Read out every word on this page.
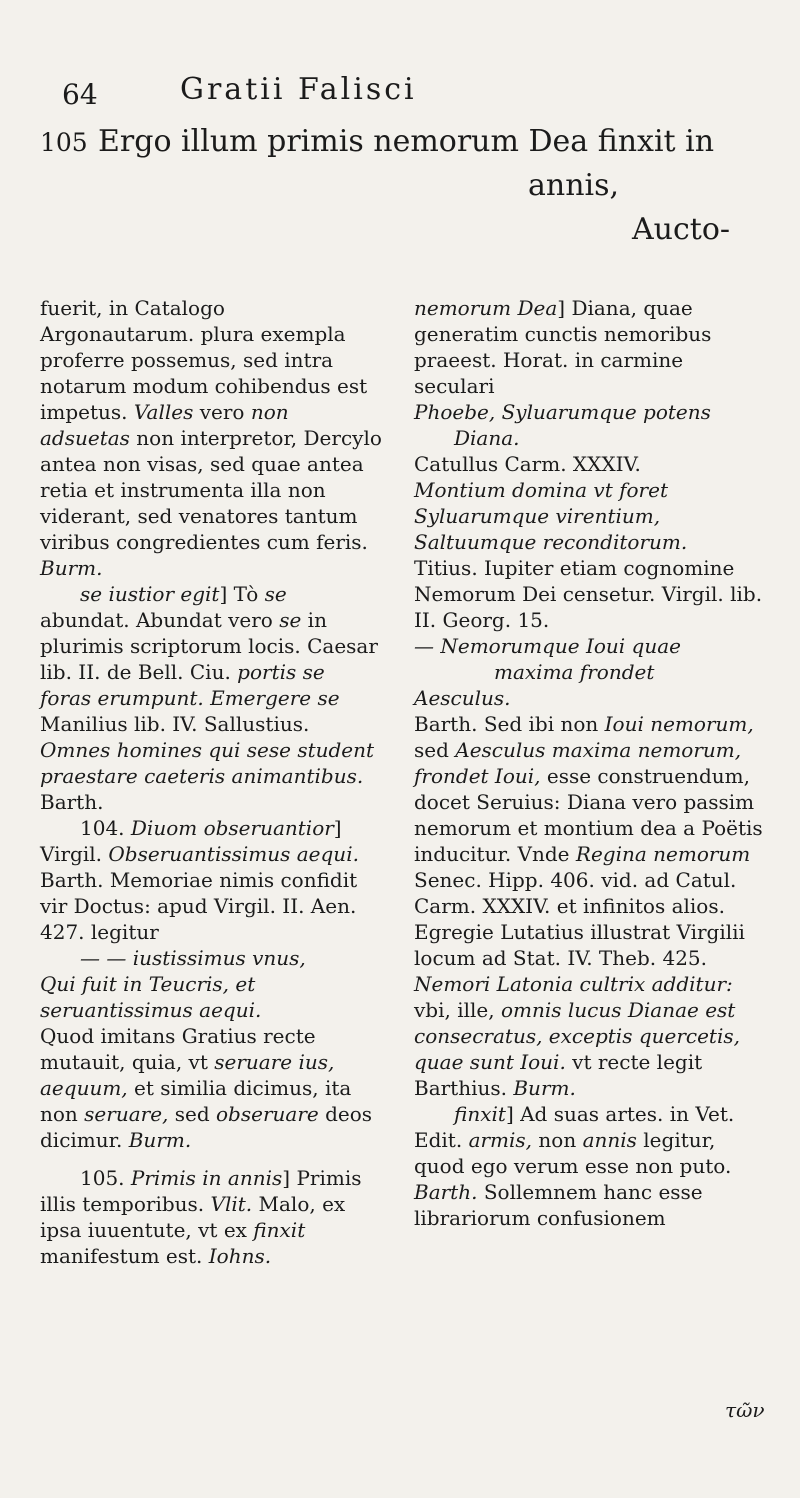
64	Gratii Falisci
105 Ergo illum primis nemorum Dea finxit in
annis,
Aucto-

fuerit, in Catalogo Argonautarum. plura exempla proferre possemus, sed intra notarum modum cohibendus est impetus. Valles vero non adsuetas non interpretor, Dercylo antea non visas, sed quae antea retia et instrumenta illa non viderant, sed venatores tantum viribus congredientes cum feris. Burm.

se iustior egit] Tò se abundat. Abundat vero se in plurimis scriptorum locis. Caesar lib. II. de Bell. Ciu. portis se foras erumpunt. Emergere se Manilius lib. IV. Sallustius. Omnes homines qui sese student praestare caeteris animantibus. Barth.

104. Diuom obseruantior] Virgil. Obseruantissimus aequi. Barth. Memoriae nimis confidit vir Doctus: apud Virgil. II. Aen. 427. legitur

— — iustissimus vnus,

Qui fuit in Teucris, et seruantissimus aequi.

Quod imitans Gratius recte mutauit, quia, vt seruare ius, aequum, et similia dicimus, ita non seruare, sed obseruare deos dicimur. Burm.

105. Primis in annis] Primis illis temporibus. Vlit. Malo, ex ipsa iuuentute, vt ex finxit manifestum est. Iohns.

nemorum Dea] Diana, quae generatim cunctis nemoribus praeest. Horat. in carmine seculari

Phoebe, Syluarumque potens

Diana.

Catullus Carm. XXXIV.

Montium domina vt foret

Syluarumque virentium,

Saltuumque reconditorum.

Titius. Iupiter etiam cognomine Nemorum Dei censetur. Virgil. lib. II. Georg. 15.

— Nemorumque Ioui quae

maxima frondet

Aesculus.

Barth. Sed ibi non Ioui nemorum, sed Aesculus maxima nemorum, frondet Ioui, esse construendum, docet Seruius: Diana vero passim nemorum et montium dea a Poëtis inducitur. Vnde Regina nemorum Senec. Hipp. 406. vid. ad Catul. Carm. XXXIV. et infinitos alios. Egregie Lutatius illustrat Virgilii locum ad Stat. IV. Theb. 425. Nemori Latonia cultrix additur: vbi, ille, omnis lucus Dianae est consecratus, exceptis quercetis, quae sunt Ioui. vt recte legit Barthius. Burm.

finxit] Ad suas artes. in Vet. Edit. armis, non annis legitur, quod ego verum esse non puto. Barth. Sollemnem hanc esse librariorum confusionem

τῶν
